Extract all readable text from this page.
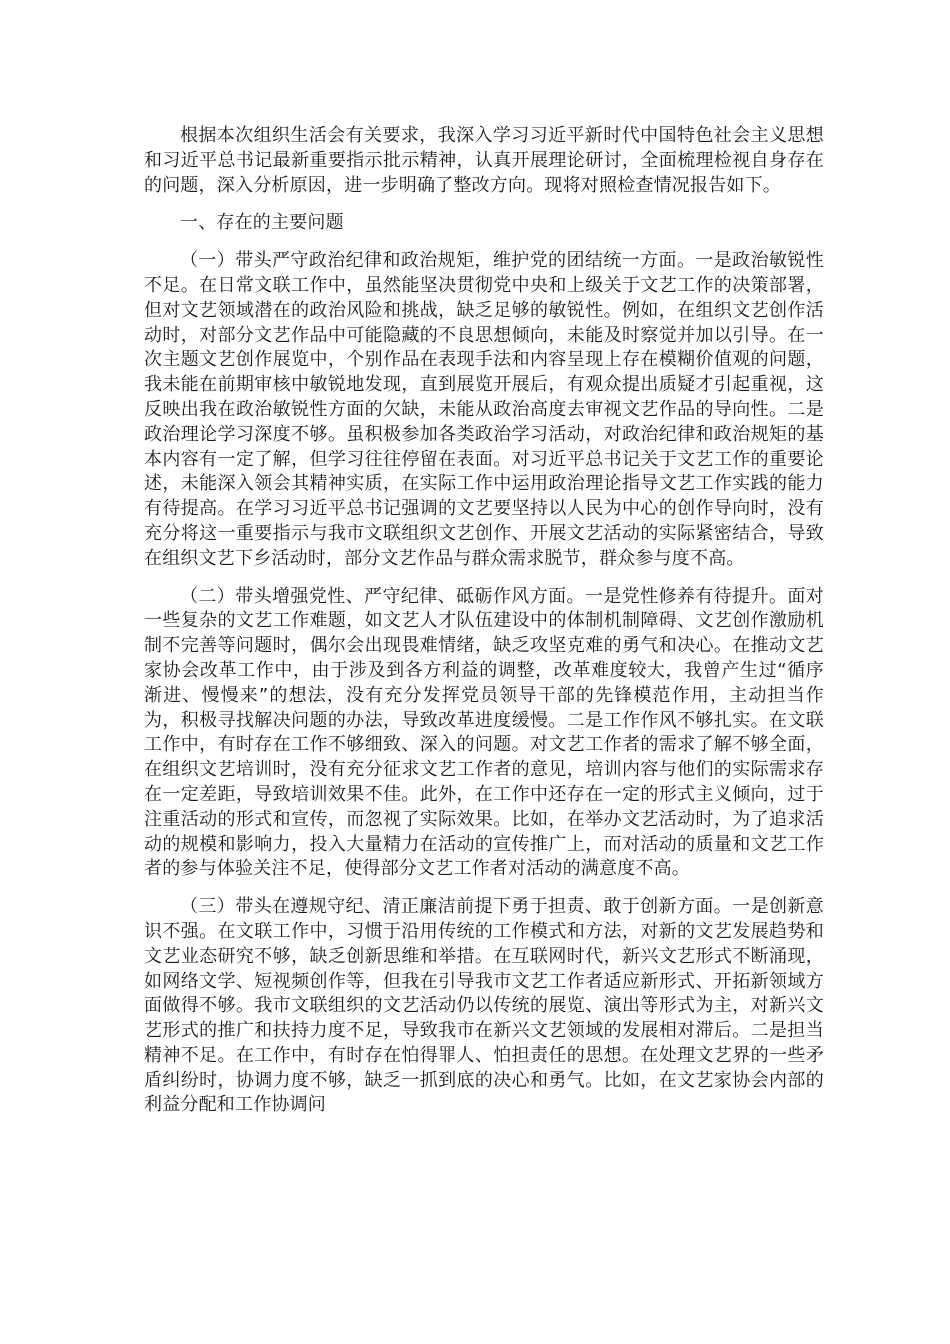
根据本次组织生活会有关要求，我深入学习习近平新时代中国特色社会主义思想和习近平总书记最新重要指示批示精神，认真开展理论研讨，全面梳理检视自身存在的问题，深入分析原因，进一步明确了整改方向。现将对照检查情况报告如下。

一、存在的主要问题

（一）带头严守政治纪律和政治规矩，维护党的团结统一方面。一是政治敏锐性不足。在日常文联工作中，虽然能坚决贯彻党中央和上级关于文艺工作的决策部署，但对文艺领域潜在的政治风险和挑战，缺乏足够的敏锐性。例如，在组织文艺创作活动时，对部分文艺作品中可能隐藏的不良思想倾向，未能及时察觉并加以引导。在一次主题文艺创作展览中，个别作品在表现手法和内容呈现上存在模糊价值观的问题，我未能在前期审核中敏锐地发现，直到展览开展后，有观众提出质疑才引起重视，这反映出我在政治敏锐性方面的欠缺，未能从政治高度去审视文艺作品的导向性。二是政治理论学习深度不够。虽积极参加各类政治学习活动，对政治纪律和政治规矩的基本内容有一定了解，但学习往往停留在表面。对习近平总书记关于文艺工作的重要论述，未能深入领会其精神实质，在实际工作中运用政治理论指导文艺工作实践的能力有待提高。在学习习近平总书记强调的文艺要坚持以人民为中心的创作导向时，没有充分将这一重要指示与我市文联组织文艺创作、开展文艺活动的实际紧密结合，导致在组织文艺下乡活动时，部分文艺作品与群众需求脱节，群众参与度不高。

（二）带头增强党性、严守纪律、砥砺作风方面。一是党性修养有待提升。面对一些复杂的文艺工作难题，如文艺人才队伍建设中的体制机制障碍、文艺创作激励机制不完善等问题时，偶尔会出现畏难情绪，缺乏攻坚克难的勇气和决心。在推动文艺家协会改革工作中，由于涉及到各方利益的调整，改革难度较大，我曾产生过“循序渐进、慢慢来”的想法，没有充分发挥党员领导干部的先锋模范作用，主动担当作为，积极寻找解决问题的办法，导致改革进度缓慢。二是工作作风不够扎实。在文联工作中，有时存在工作不够细致、深入的问题。对文艺工作者的需求了解不够全面，在组织文艺培训时，没有充分征求文艺工作者的意见，培训内容与他们的实际需求存在一定差距，导致培训效果不佳。此外，在工作中还存在一定的形式主义倾向，过于注重活动的形式和宣传，而忽视了实际效果。比如，在举办文艺活动时，为了追求活动的规模和影响力，投入大量精力在活动的宣传推广上，而对活动的质量和文艺工作者的参与体验关注不足，使得部分文艺工作者对活动的满意度不高。

（三）带头在遵规守纪、清正廉洁前提下勇于担责、敢于创新方面。一是创新意识不强。在文联工作中，习惯于沿用传统的工作模式和方法，对新的文艺发展趋势和文艺业态研究不够，缺乏创新思维和举措。在互联网时代，新兴文艺形式不断涌现，如网络文学、短视频创作等，但我在引导我市文艺工作者适应新形式、开拓新领域方面做得不够。我市文联组织的文艺活动仍以传统的展览、演出等形式为主，对新兴文艺形式的推广和扶持力度不足，导致我市在新兴文艺领域的发展相对滞后。二是担当精神不足。在工作中，有时存在怕得罪人、怕担责任的思想。在处理文艺界的一些矛盾纠纷时，协调力度不够，缺乏一抓到底的决心和勇气。比如，在文艺家协会内部的利益分配和工作协调问
